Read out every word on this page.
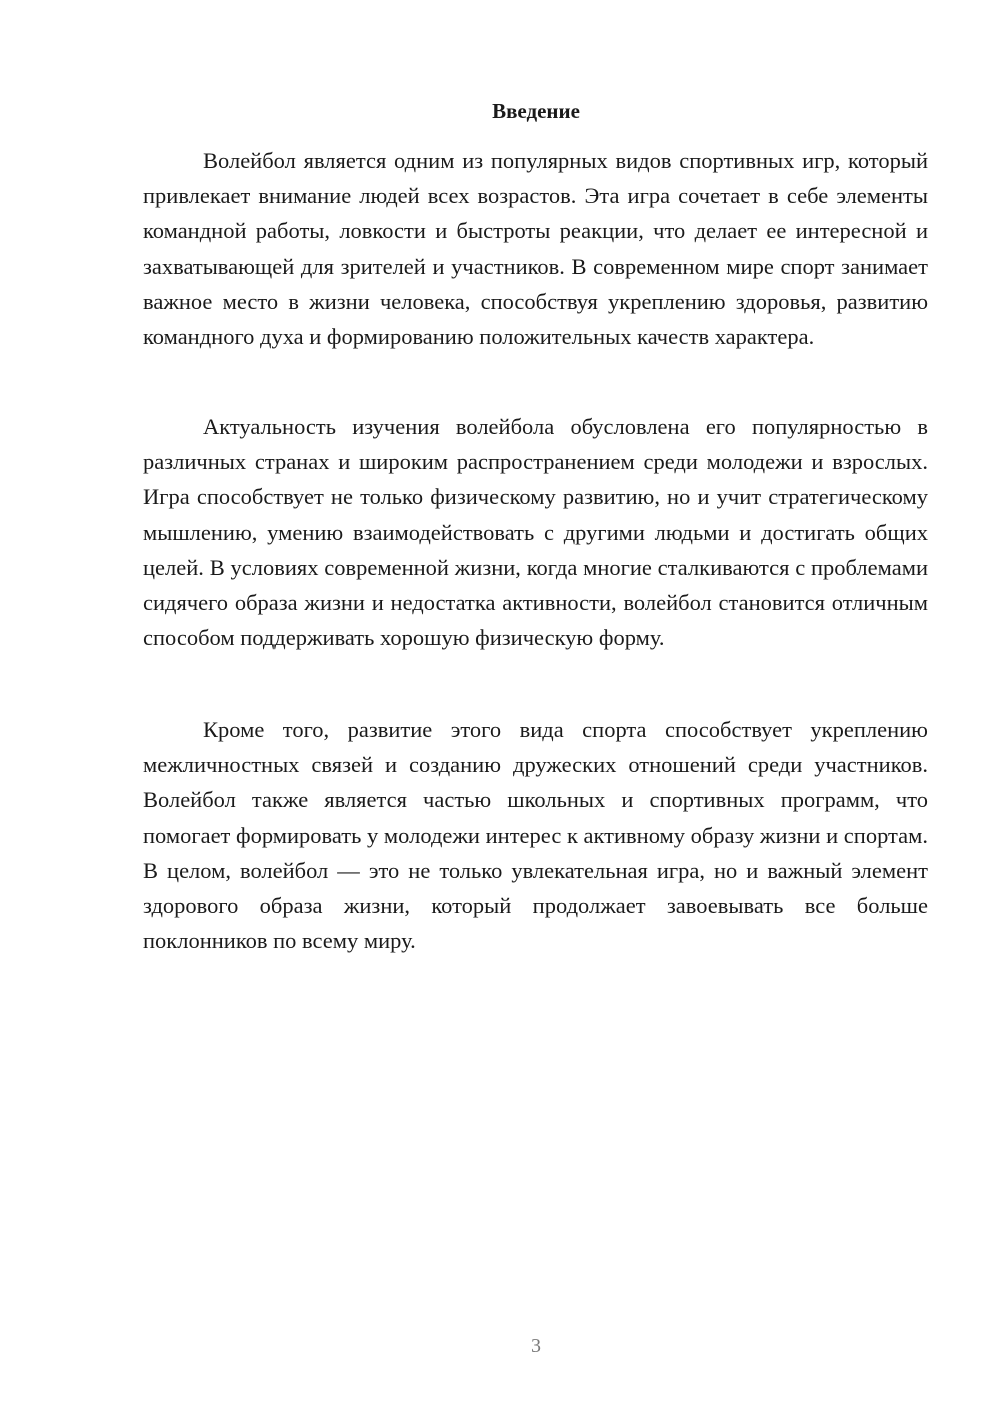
Введение

Волейбол является одним из популярных видов спортивных игр, который привлекает внимание людей всех возрастов. Эта игра сочетает в себе элементы командной работы, ловкости и быстроты реакции, что делает ее интересной и захватывающей для зрителей и участников. В современном мире спорт занимает важное место в жизни человека, способствуя укреплению здоровья, развитию командного духа и формированию положительных качеств характера.

Актуальность изучения волейбола обусловлена его популярностью в различных странах и широким распространением среди молодежи и взрослых. Игра способствует не только физическому развитию, но и учит стратегическому мышлению, умению взаимодействовать с другими людьми и достигать общих целей. В условиях современной жизни, когда многие сталкиваются с проблемами сидячего образа жизни и недостатка активности, волейбол становится отличным способом поддерживать хорошую физическую форму.

Кроме того, развитие этого вида спорта способствует укреплению межличностных связей и созданию дружеских отношений среди участников. Волейбол также является частью школьных и спортивных программ, что помогает формировать у молодежи интерес к активному образу жизни и спортам. В целом, волейбол — это не только увлекательная игра, но и важный элемент здорового образа жизни, который продолжает завоевывать все больше поклонников по всему миру.

3
